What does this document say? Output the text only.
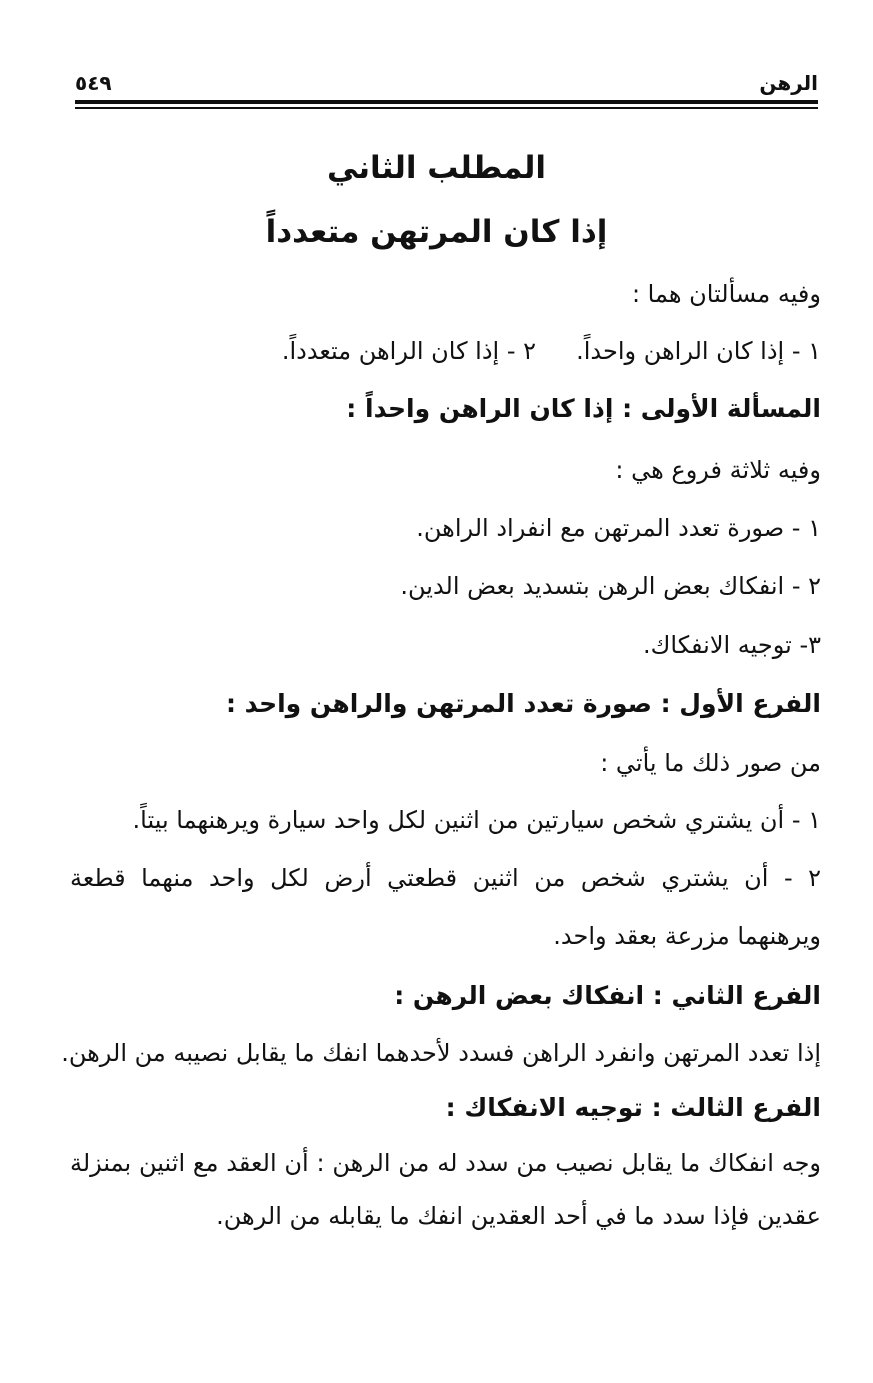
الرهن
٥٤٩
المطلب الثاني
إذا كان المرتهن متعدداً
وفيه مسألتان هما :
١ - إذا كان الراهن واحداً.
٢ - إذا كان الراهن متعدداً.
المسألة الأولى : إذا كان الراهن واحداً :
وفيه ثلاثة فروع هي :
١ - صورة تعدد المرتهن مع انفراد الراهن.
٢ - انفكاك بعض الرهن بتسديد بعض الدين.
٣- توجيه الانفكاك.
الفرع الأول : صورة تعدد المرتهن والراهن واحد :
من صور ذلك ما يأتي :
١ - أن يشتري شخص سيارتين من اثنين لكل واحد سيارة ويرهنهما بيتاً.
٢ - أن يشتري شخص من اثنين قطعتي أرض لكل واحد منهما قطعة
ويرهنهما مزرعة بعقد واحد.
الفرع الثاني : انفكاك بعض الرهن :
إذا تعدد المرتهن وانفرد الراهن فسدد لأحدهما انفك ما يقابل نصيبه من الرهن.
الفرع الثالث : توجيه الانفكاك :
وجه انفكاك ما يقابل نصيب من سدد له من الرهن : أن العقد مع اثنين بمنزلة
عقدين فإذا سدد ما في أحد العقدين انفك ما يقابله من الرهن.
